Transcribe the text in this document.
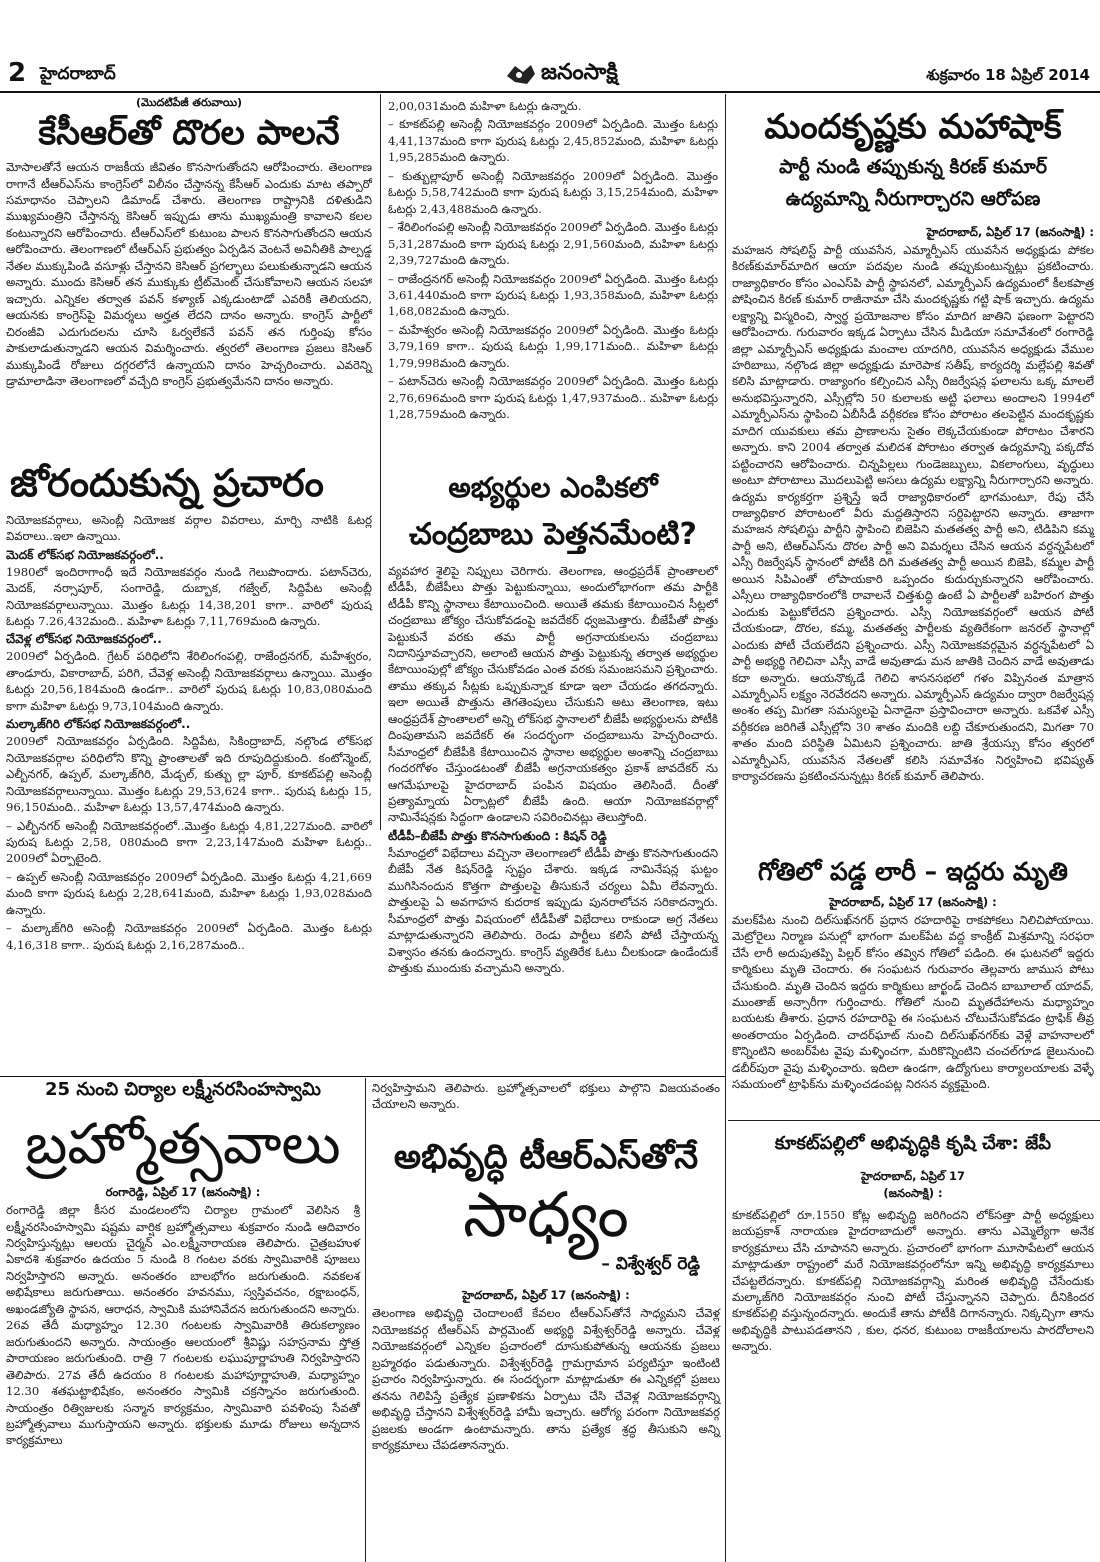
2 హైదరాబాద్	జనంసాక్షి	శుక్రవారం 18 ఏప్రిల్ 2014
(మొదటిపేజీ తరువాయి)
కేసీఆర్‌తో దొరల పాలనే

మోసాలతోనే ఆయన రాజకీయ జీవితం కొనసాగుతోందని ఆరోపించారు. తెలంగాణ రాగానే టీఆర్‌ఎస్‌ను కాంగ్రెస్‌లో విలీనం చేస్తానన్న కేసీఆర్‌ ఎందుకు మాట తప్పారో సమాధానం చెప్పాలని డిమాండ్‌ చేశారు. తెలంగాణ రాష్ట్రానికి దళితుడిని ముఖ్యమంత్రిని చేస్తానన్న కెసిఆర్‌ ఇప్పుడు తాను ముఖ్యమంత్రి కావాలని కలల కంటున్నారని ఆరోపించారు. టీఆర్‌ఎస్‌లో కుటుంబ పాలన కొనసాగుతోందని ఆయన ఆరోపించారు. తెలంగాణలో టీఆర్‌ఎస్‌ ప్రభుత్వం ఏర్పడిన వెంటనే అవినీతికి పాల్పడ్డ నేతల ముక్కుపిండి వసూళ్లు చేస్తానని కెసిఆర్‌ ప్రగల్భాలు పలుకుతున్నాడని ఆయన అన్నారు. ముందు కెసిఆర్‌ తన ముక్కుకు ట్రీట్‌మెంట్‌ చేసుకోవాలని ఆయన సలహా ఇచ్చారు. ఎన్నికల తర్వాత పవన్‌ కళ్యాణ్‌ ఎక్కడుంటాడో ఎవరికీ తెలియదని, ఆయనకు కాంగ్రెస్‌పై విమర్శలు అర్హత లేదని దానం అన్నారు. కాంగ్రెస్‌ పార్టీలో చిరంజీవి ఎదుగుదలను చూసి ఓర్వలేకనే పవన్‌ తన గుర్తింపు కోసం పాకులాడుతున్నాడని ఆయన విమర్శించారు. త్వరలో తెలంగాణ ప్రజలు కెసిఆర్‌ ముక్కుపిండే రోజులు దగ్గరలోనే ఉన్నాయని దానం హెచ్చరించారు. ఎవరెన్ని డ్రామాలాడినా తెలంగాణలో వచ్చేది కాంగ్రెస్‌ ప్రభుత్వమేనని దానం అన్నారు.

జోరందుకున్న ప్రచారం

నియోజకవర్గాలు, అసెంబ్లీ నియోజక వర్గాల వివరాలు, మార్చి నాటికి ఓటర్ల వివరాలు..ఇలా ఉన్నాయి.

మెదక్‌ లోక్‌సభ నియోజకవర్గంలో..

1980లో ఇందిరాగాంధీ ఇదే నియోజకవర్గం నుండి గెలుపొందారు. పటాన్‌చెరు, మెదక్‌, నర్సాపూర్‌, సంగారెడ్డి, దుబ్బాక, గజ్వేల్‌, సిద్దిపేట అసెంబ్లీ నియోజకవర్గాలున్నాయి. మొత్తం ఓటర్లు 14,38,201 కాగా.. వారిలో పురుష ఓటర్లు 7.26,432మంది.. మహిళా ఓటర్లు 7,11,769మంది ఉన్నారు.

చేవెళ్ల లోక్‌సభ నియోజకవర్గంలో..

2009లో ఏర్పడింది. గ్రేటర్‌ పరిధిలోని శేరిలింగంపల్లి, రాజేంద్రనగర్‌, మహేశ్వరం, తాండూరు, వికారాబాద్‌, పరిగి, చేవెళ్ల అసెంబ్లీ నియోజకవర్గాలు ఉన్నాయి. మొత్తం ఓటర్లు 20,56,184మంది ఉండగా.. వారిలో పురుష ఓటర్లు 10,83,080మంది కాగా మహిళా ఓటర్లు 9,73,104మంది ఉన్నారు.

మల్కాజ్‌గిరి లోక్‌సభ నియోజకవర్గంలో..

2009లో నియోజకవర్గం ఏర్పడింది. సిద్దిపేట, సికింద్రాబాద్‌, నల్గొండ లోక్‌సభ నియోజకవర్గాల పరిధిలోని కొన్ని ప్రాంతాలతో ఇది రూపుదిద్దుకుంది. కంటోన్మెంట్‌, ఎల్బీనగర్‌, ఉప్పల్‌, మల్కాజ్‌గిరి, మేడ్చల్‌, కుత్బు ల్లా పూర్‌, కూకట్‌పల్లి అసెంబ్లీ నియోజకవర్గాలున్నాయి. మొత్తం ఓటర్లు 29,53,624 కాగా.. పురుష ఓటర్లు 15, 96,150మంది.. మహిళా ఓటర్లు 13,57,474మంది ఉన్నారు.

– ఎల్బీనగర్‌ అసెంబ్లీ నియోజకవర్గంలో..మొత్తం ఓటర్లు 4,81,227మంది. వారిలో పురుష ఓటర్లు 2,58, 080మంది కాగా 2,23,147మంది మహిళా ఓటర్లు.. 2009లో ఏర్పాటైంది.

– ఉప్పల్‌ అసెంబ్లీ నియోజకవర్గం 2009లో ఏర్పడింది. మొత్తం ఓటర్లు 4,21,669 మంది కాగా పురుష ఓటర్లు 2,28,641మంది, మహిళా ఓటర్లు 1,93,028మంది ఉన్నారు.

– మల్కాజ్‌గిరి అసెంబ్లీ నియోజకవర్గం 2009లో ఏర్పడింది. మొత్తం ఓటర్లు 4,16,318 కాగా.. పురుష ఓటర్లు 2,16,287మంది..

2,00,031మంది మహిళా ఓటర్లు ఉన్నారు.

– కూకట్‌పల్లి అసెంబ్లీ నియోజకవర్గం 2009లో ఏర్పడింది. మొత్తం ఓటర్లు 4,41,137మంది కాగా పురుష ఓటర్లు 2,45,852మంది, మహిళా ఓటర్లు 1,95,285మంది ఉన్నారు.

– కుత్బుల్లాపూర్‌ అసెంబ్లీ నియోజకవర్గం 2009లో ఏర్పడింది. మొత్తం ఓటర్లు 5,58,742మంది కాగా పురుష ఓటర్లు 3,15,254మంది, మహిళా ఓటర్లు 2,43,488మంది ఉన్నారు.

– శేరిలింగంపల్లి అసెంబ్లీ నియోజకవర్గం 2009లో ఏర్పడింది. మొత్తం ఓటర్లు 5,31,287మంది కాగా పురుష ఓటర్లు 2,91,560మంది, మహిళా ఓటర్లు 2,39,727మంది ఉన్నారు.

– రాజేంద్రనగర్‌ అసెంబ్లీ నియోజకవర్గం 2009లో ఏర్పడింది. మొత్తం ఓటర్లు 3,61,440మంది కాగా పురుష ఓటర్లు 1,93,358మంది, మహిళా ఓటర్లు 1,68,082మంది ఉన్నారు.

– మహేశ్వరం అసెంబ్లీ నియోజకవర్గం 2009లో ఏర్పడింది. మొత్తం ఓటర్లు 3,79,169 కాగా.. పురుష ఓటర్లు 1,99,171మంది.. మహిళా ఓటర్లు 1,79,998మంది ఉన్నారు.

– పటాన్‌చెరు అసెంబ్లీ నియోజకవర్గం 2009లో ఏర్పడింది. మొత్తం ఓటర్లు 2,76,696మంది కాగా పురుష ఓటర్లు 1,47,937మంది.. మహిళా ఓటర్లు 1,28,759మంది ఉన్నారు.

అభ్యర్థుల ఎంపికలో
చంద్రబాబు పెత్తనమేంటి?

వ్యవహార శైలిపై నిప్పులు చెరిగారు. తెలంగాణ, ఆంధ్రప్రదేశ్‌ ప్రాంతాలలో టీడీపీ, బీజేపీలు పొత్తు పెట్టుకున్నాయి, అందులోభాగంగా తమ పార్టీకి టీడీపీ కొన్ని స్థానాలు కేటాయించింది. అయితే తమకు కేటాయించిన సీట్లలో చంద్రబాబు జోక్యం చేసుకోవడంపై జవదేకర్‌ ధ్వజమెత్తారు. బీజేపీతో పొత్తు పెట్టుకునే వరకు తమ పార్టీ అగ్రనాయకులను చంద్రబాబు నిదానిస్తూవచ్చారని, అలాంటి ఆయన పొత్తు పెట్టుకున్న తర్వాత అభ్యర్థుల కేటాయింపుల్లో జోక్యం చేసుకోవడం ఎంత వరకు సమంజసమని ప్రశ్నించారు. తాము తక్కువ సీట్లకు ఒప్పుకున్నాక కూడా ఇలా చేయడం తగదన్నారు. ఇలా అయితే పొత్తును తెగతెంపులు చేసుకుని అటు తెలంగాణ, ఇటు ఆంధ్రప్రదేశ్‌ ప్రాంతాలలో అన్ని లోక్‌సభ స్థానాలలో బీజేపీ అభ్యర్థులను పోటీకి దింపుతామని జవదేకర్‌ ఈ సందర్భంగా చంద్రబాబును హెచ్చరించారు. సీమాంధ్రలో బీజేపీకి కేటాయించిన స్థానాల అభ్యర్థుల అంశాన్ని చంద్రబాబు గందరగోళం చేస్తుండటంతో బీజేపీ అగ్రనాయకత్వం ప్రకాశ్‌ జావదేకర్‌ ను ఆగమేఘాలపై హైదరాబాద్‌ పంపిన విషయం తెలిసిందే. దీంతో ప్రత్యామ్నాయ ఏర్పాట్లలో బీజేపీ ఉంది. ఆయా నియోజకవర్గాల్లో నామినేషన్లకు సిద్ధంగా ఉండాలని సవిరించినట్లు తెలుస్తోంది.

టీడీపీ–బీజేపీ పొత్తు కొనసాగుతుంది : కిషన్‌ రెడ్డి

సీమాంధ్రలో విభేదాలు వచ్చినా తెలంగాణలో టీడీపీ పొత్తు కొనసాగుతుందని బీజేపీ నేత కిషన్‌రెడ్డి స్పష్టం చేశారు. ఇక్కడ నామినేషన్ల ఘట్టం ముగిసినందున కొత్తగా పొత్తులపై తీసుకునే చర్యలు ఏమీ లేవన్నారు. పొత్తులపై ఏ అవగాహన కుదరాక ఇప్పుడు పునరాలోచన సరికాదన్నారు. సీమాంధ్రలో పొత్తు విషయంలో టీడీపీతో విభేదాలు రాకుండా అగ్ర నేతలు మాట్లాడుతున్నారని తెలిపారు. రెండు పార్టీలు కలిసే పోటీ చేస్తాయన్న విశ్వాసం తనకు ఉందన్నారు. కాంగ్రెస్‌ వ్యతిరేక ఓటు చీలకుండా ఉండేందుకే పొత్తుకు ముందుకు వచ్చామని అన్నారు.

మందకృష్ణకు మహాషాక్‌
పార్టీ నుండి తప్పుకున్న కిరణ్‌ కుమార్‌
ఉద్యమాన్ని నీరుగార్చారని ఆరోపణ
హైదరాబాద్‌, ఏప్రిల్‌ 17 (జనంసాక్షి) :

మహజన సోషలిస్ట్‌ పార్టీ యువసేన, ఎమ్మార్పీఎస్‌ యువసేన అధ్యక్షుడు పోకల కిరణ్‌కుమార్‌మాదిగ ఆయా పదవుల నుండి తప్పుకుంటున్నట్లు ప్రకటించారు. రాజ్యాధికారం కోసం ఎంఎస్‌పి పార్టీ స్థాపనలో, ఎమ్మార్పీఎస్‌ ఉద్యమంలో కీలకపాత్ర పోషించిన కిరణ్‌ కుమార్‌ రాజీనామా చేసి మందకృష్ణకు గట్టి షాక్‌ ఇచ్చారు. ఉద్యమ లక్ష్యాన్ని విస్మరించి, స్వార్థ ప్రయోజనాల కోసం మాదిగ జాతిని ఫణంగా పెట్టారని ఆరోపించారు. గురువారం ఇక్కడ ఏర్పాటు చేసిన మీడియా సమావేశంలో రంగారెడ్డి జిల్లా ఎమ్మార్పీఎస్‌ అధ్యక్షుడు మంచాల యాదగిరి, యువసేన అధ్యక్షుడు వేముల హరిబాబు, నల్గొండ జిల్లా అధ్యక్షుడు మారెపాక సతీష్‌, కార్యదర్శి మల్లేపల్లి శివతో కలిసి మాట్లాడారు. రాజ్యాంగం కల్పించిన ఎస్సీ రిజర్వేషన్ల ఫలాలను ఒక్క మాలలే అనుభవిస్తున్నారని, ఎస్సీల్లోని 50 కులాలకు అట్టి ఫలాలు అందాలని 1994లో ఎమ్మార్పీఎస్‌ను స్థాపించి ఏబీసీడీ వర్గీకరణ కోసం పోరాటం తలపెట్టిన మందకృష్ణకు మాదిగ యువకులు తమ ప్రాణాలను సైతం లెక్కచేయకుండా పోరాటం చేశారని అన్నారు. కాని 2004 తర్వాత మలిదశ పోరాటం తర్వాత ఉద్యమాన్ని పక్కదోవ పట్టించారని ఆరోపించారు. చిన్నపిల్లలు గుండెజబ్బులు, వికలాంగులు, వృద్ధులు అంటూ పోరాటాలు మొదలుపెట్టి అసలు ఉద్యమ లక్ష్యాన్ని నీరుగార్చారని అన్నారు. ఉద్యమ కార్యకర్తగా ప్రశ్నిస్తే ఇదే రాజ్యాధికారంలో భాగమంటూ, రేపు చేసే రాజ్యాధికార పోరాటంలో వీరు మద్దతిస్తారని సర్దిపెట్టారని అన్నారు. తాజాగా మహజన సోషలిస్టు పార్టీని స్థాపించి బిజెపిని మతతత్వ పార్టీ అని, టిడిపిని కమ్మ పార్టీ అని, టిఆర్‌ఎస్‌ను దొరల పార్టీ అని విమర్శలు చేసిన ఆయన వర్ధన్నపేటలో ఎస్సీ రిజర్వేషన్‌ స్థానంలో పోటీకి దిగి మతతత్వ పార్టీ అయిన బిజెపి, కమ్మల పార్టీ అయిన సిపిఎంతో లోపాయకారి ఒప్పందం కుదుర్చుకున్నారని ఆరోపించారు. ఎస్సీలు రాజ్యాధికారంలోకి రావాలనే చిత్తశుద్ధి ఉంటే ఏ పార్టీలతో బహిరంగ పొత్తు ఎందుకు పెట్టుకోలేదని ప్రశ్నించారు. ఎస్సీ నియోజకవర్గంలో ఆయన పోటీ చేయకుండా, దొరల, కమ్మ, మతతత్వ పార్టీలకు వ్యతిరేకంగా జనరల్‌ స్థానాల్లో ఎందుకు పోటీ చేయలేదని ప్రశ్నించారు. ఎస్సీ నియోజకవర్గమైన వర్ధన్నపేటలో ఏ పార్టీ అభ్యర్థి గెలిచినా ఎస్సీ వాడే అవుతాడు మన జాతికి చెందిన వాడే అవుతాడు కదా అన్నారు. ఆయనొక్కడే గెలిచి శాసనసభలో గళం విప్పినంత మాత్రాన ఎమ్మార్పీఎస్‌ లక్ష్యం నెరవేరదని అన్నారు. ఎమ్మార్పీఎస్‌ ఉద్యమం ద్వారా రిజర్వేషన్ల అంశం తప్ప మిగతా సమస్యలపై ఏనాడైనా ప్రస్తావించారా అన్నారు. ఒకవేళ ఎస్సీ వర్గీకరణ జరిగితే ఎస్సీల్లోని 30 శాతం మందికి లబ్ది చేకూరుతుందని, మిగతా 70 శాతం మంది పరిస్థితి ఏమిటని ప్రశ్నించారు. జాతి శ్రేయస్సు కోసం త్వరలో ఎమ్మార్పీఎస్‌, యువసేన నేతలతో కలిసి సమావేశం నిర్వహించి భవిష్యత్‌ కార్యాచరణను ప్రకటించనున్నట్లు కిరణ్‌ కుమార్‌ తెలిపారు.

గోతిలో పడ్డ లారీ – ఇద్దరు మృతి
హైదరాబాద్‌, ఏప్రిల్‌ 17 (జనంసాక్షి) :

మలక్‌పేట నుంచి దిల్‌సుఖ్‌నగర్‌ ప్రధాన రహదారిపై రాకపోకలు నిలిచిపోయాయి. మెట్రోరైలు నిర్మాణ పనుల్లో భాగంగా మలక్‌పేట వద్ద కాంక్రీట్‌ మిశ్రమాన్ని సరఫరా చేసే లారీ అదుపుతప్పి పిల్లర్‌ కోసం తవ్విన గోతిలో పడింది. ఈ ఘటనలో ఇద్దరు కార్మికులు మృతి చెందారు. ఈ సంఘటన గురువారం తెల్లవారు జాముస పోటు చేసుకుంది. మృతి చెందిన ఇద్దరు కార్మికులు జార్ఖండ్‌ చెందిన బాబూలాల్‌ యాదవ్‌, ముంతాజ్‌ అన్సారీగా గుర్తించారు. గోతిలో నుంచి మృతదేహాలను మధ్యాహ్నం బయటకు తీశారు. ప్రధాన రహదారిపై ఈ సంఘటన చోటుచేసుకోవడం ట్రాఫిక్‌ తీవ్ర అంతరాయం ఏర్పడింది. చాదర్‌ఘాట్‌ నుంచి దిల్‌సుఖ్‌నగర్‌కు వెళ్లే వాహనాలలో కొన్నింటిని అంబర్‌పేట వైపు మళ్ళించగా, మరికొన్నింటిని చంచల్‌గూడ జైలునుంచి డబీర్‌పురా వైపు మళ్ళించారు. ఇదిలా ఉండగా, ఉద్యోగులు కార్యాలయాలకు వెళ్ళే సమయంలో ట్రాఫిక్‌ను మళ్ళించడంపట్ల నిరసన వ్యక్తమైంది.

కూకట్‌పల్లిలో అభివృద్ధికి కృషి చేశా: జేపీ
హైదరాబాద్‌, ఏప్రిల్‌ 17
(జనంసాక్షి) :

కూకట్‌పల్లిలో రూ.1550 కోట్ల అభివృద్ధి జరిగిందని లోక్‌సత్తా పార్టీ అధ్యక్షులు జయప్రకాశ్‌ నారాయణ హైదరాబాదులో అన్నారు. తాను ఎమ్మెల్యేగా అనేక కార్యక్రమాలు చేసి చూపానని అన్నారు. ప్రచారంలో భాగంగా మూసాపేటలో ఆయన మాట్లాడుతూ రాష్ట్రంలో మరే నియోజకవర్గంలోనూ ఇన్ని అభివృద్ధి కార్యక్రమాలు చేపట్టలేదన్నారు. కూకట్‌పల్లి నియోజకవర్గాన్ని మరింత అభివృద్ధి చేసేందుకు మల్కాజ్‌గిరి నియోజకవర్గం నుంచి పోటీ చేస్తున్నానని చెప్పారు. దీనికిందర కూకట్‌పల్లి వస్తున్నందన్నారు. అందుకే తాను పోటీకి దిగానన్నారు. నిక్కచ్చిగా తాను అభివృద్ధికి పాటుపడతానని , కుల, ధనర, కుటుంబ రాజకీయాలను పారదోలాలని అన్నారు.

25 నుంచి చిర్యాల లక్ష్మీనరసింహస్వామి
బ్రహ్మోత్సవాలు
రంగారెడ్డి, ఏప్రిల్‌ 17 (జనంసాక్షి) :

రంగారెడ్డి జిల్లా కీసర మండలంలోని చిర్యాల గ్రామంలో వెలిసిన శ్రీ లక్ష్మీనరసింహస్వామి షష్టమ వార్షిక బ్రహ్మోత్సవాలు శుక్రవారం నుండి ఆదివారం నిర్వహిస్తున్నట్లు ఆలయ చైర్మన్‌ ఎం.లక్ష్మీనారాయణ తెలిపారు. చైత్రబహుళ ఏకాదశి శుక్రవారం ఉదయం 5 నుండి 8 గంటల వరకు స్వామివారికి పూజలు నిర్వహిస్తారని అన్నారు. అనంతరం బాలభోగం జరుగుతుంది. నవకలశ అభిషేకాలు జరుగుతాయి. అనంతరం హవనము, స్వస్తివచనం, రక్షాబంధన్‌, అఖండజ్యోతి స్థాపన, ఆరాధన, స్వామికి మహానివేదన జరుగుతుందని అన్నారు. 26వ తేదీ మధ్యాహ్నం 12.30 గంటలకు స్వామివారికి తిరుకల్యాణం జరుగుతుందని అన్నారు. సాయంత్రం ఆలయంలో శ్రీవిష్ణు సహస్రనామ స్తోత్ర పారాయణం జరుగుతుంది. రాత్రి 7 గంటలకు లఘుపూర్ణాహుతి నిర్వహిస్తారని తెలిపారు. 27వ తేదీ ఉదయం 8 గంటలకు మహాపూర్ణాహుతి, మధ్యాహ్నం 12.30 శతఘట్టాభిషేకం, అనంతరం స్వామికి చక్రస్నానం జరుగుతుంది. సాయంత్రం రిత్విజులకు సన్మాన కార్యక్రమం, స్వామివారి పవళింపు సేవతో బ్రహ్మోత్సవాలు ముగుస్తాయని అన్నారు. భక్తులకు మూడు రోజులు అన్నదాన కార్యక్రమాలు

నిర్వహిస్తామని తెలిపారు. బ్రహ్మోత్సవాలలో భక్తులు పాల్గొని విజయవంతం చేయాలని అన్నారు.

అభివృద్ధి టీఆర్‌ఎస్‌తోనే
సాధ్యం
– విశ్వేశ్వర్‌ రెడ్డి
హైదరాబాద్‌, ఏప్రిల్‌ 17 (జనంసాక్షి) :

తెలంగాణ అభివృద్ధి చెందాలంటే కేవలం టీఆర్‌ఎస్‌తోనే సాధ్యమని చేవెళ్ల నియోజకవర్గ టీఆర్‌ఎస్‌ పార్లమెంట్‌ అభ్యర్థి విశ్వేశ్వర్‌రెడ్డి అన్నారు. చేవెళ్ల నియోజకవర్గంలో ఎన్నికల ప్రచారంలో దూసుకుపోతున్న ఆయనకు ప్రజలు బ్రహ్మరథం పడుతున్నారు. విశ్వేశ్వర్‌రెడ్డి గ్రామగ్రామాన పర్యటిస్తూ ఇంటింటి ప్రచారం నిర్వహిస్తున్నారు. ఈ సందర్భంగా మాట్లాడుతూ ఈ ఎన్నికల్లో ప్రజలు తనను గెలిపిస్తే ప్రత్యేక ప్రణాళికను ఏర్పాటు చేసి చేవెళ్ల నియోజకవర్గాన్ని అభివృద్ధి చేస్తానని విశ్వేశ్వర్‌రెడ్డి హామీ ఇచ్చారు. ఆరోగ్య పరంగా నియోజకవర్గ ప్రజలకు అండగా ఉంటామన్నారు. తాను ప్రత్యేక శ్రద్ధ తీసుకుని అన్ని కార్యక్రమాలు చేపడతానన్నారు.
